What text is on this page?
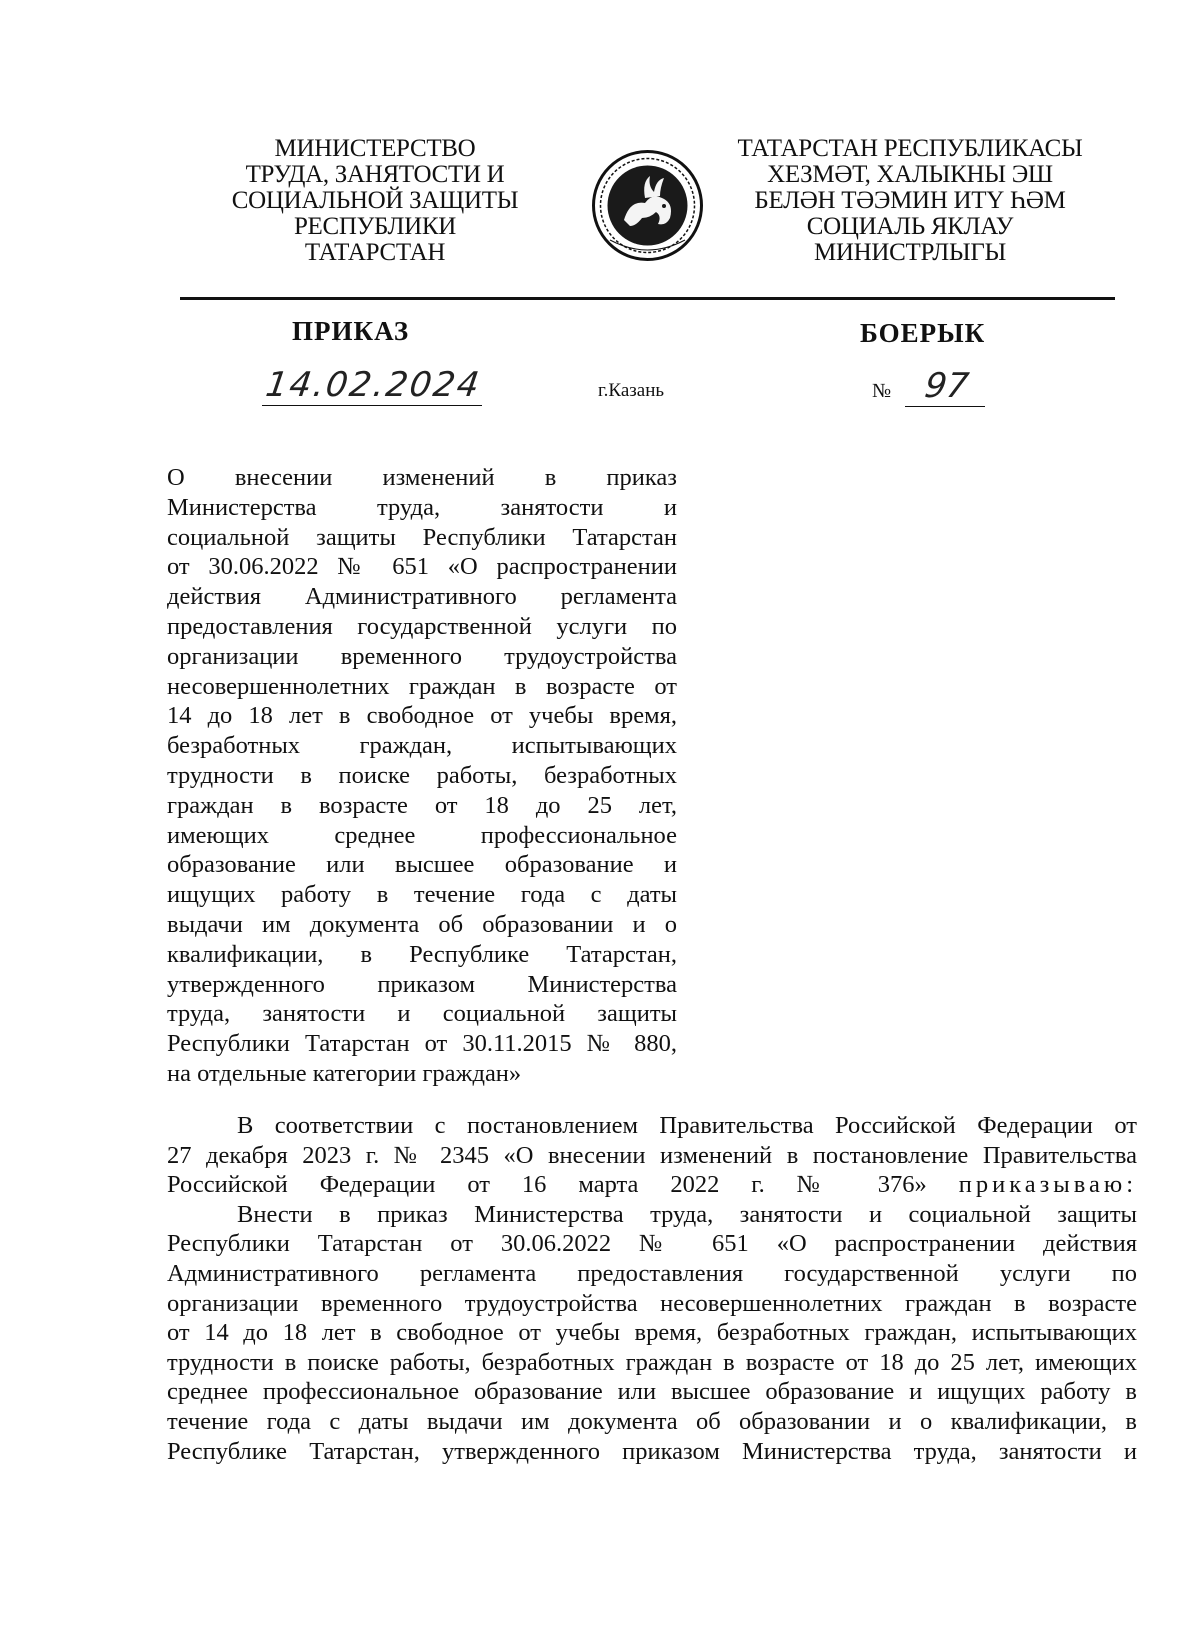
МИНИСТЕРСТВО
ТРУДА, ЗАНЯТОСТИ И
СОЦИАЛЬНОЙ ЗАЩИТЫ
РЕСПУБЛИКИ
ТАТАРСТАН
ТАТАРСТАН РЕСПУБЛИКАСЫ
ХЕЗМӘТ, ХАЛЫКНЫ ЭШ
БЕЛӘН ТӘЭМИН ИТҮ ҺӘМ
СОЦИАЛЬ ЯКЛАУ
МИНИСТРЛЫГЫ
ПРИКАЗ	БОЕРЫК
14.02.2024	г.Казань	№ 97
О внесении изменений в приказ
Министерства труда, занятости и
социальной защиты Республики Татарстан
от 30.06.2022 № 651 «О распространении
действия Административного регламента
предоставления государственной услуги по
организации временного трудоустройства
несовершеннолетних граждан в возрасте от
14 до 18 лет в свободное от учебы время,
безработных граждан, испытывающих
трудности в поиске работы, безработных
граждан в возрасте от 18 до 25 лет,
имеющих среднее профессиональное
образование или высшее образование и
ищущих работу в течение года с даты
выдачи им документа об образовании и о
квалификации, в Республике Татарстан,
утвержденного приказом Министерства
труда, занятости и социальной защиты
Республики Татарстан от 30.11.2015 № 880,
на отдельные категории граждан»
В соответствии с постановлением Правительства Российской Федерации от
27 декабря 2023 г. № 2345 «О внесении изменений в постановление Правительства
Российской Федерации от 16 марта 2022 г. № 376» приказываю:
Внести в приказ Министерства труда, занятости и социальной защиты
Республики Татарстан от 30.06.2022 № 651 «О распространении действия
Административного регламента предоставления государственной услуги по
организации временного трудоустройства несовершеннолетних граждан в возрасте
от 14 до 18 лет в свободное от учебы время, безработных граждан, испытывающих
трудности в поиске работы, безработных граждан в возрасте от 18 до 25 лет, имеющих
среднее профессиональное образование или высшее образование и ищущих работу в
течение года с даты выдачи им документа об образовании и о квалификации, в
Республике Татарстан, утвержденного приказом Министерства труда, занятости и
